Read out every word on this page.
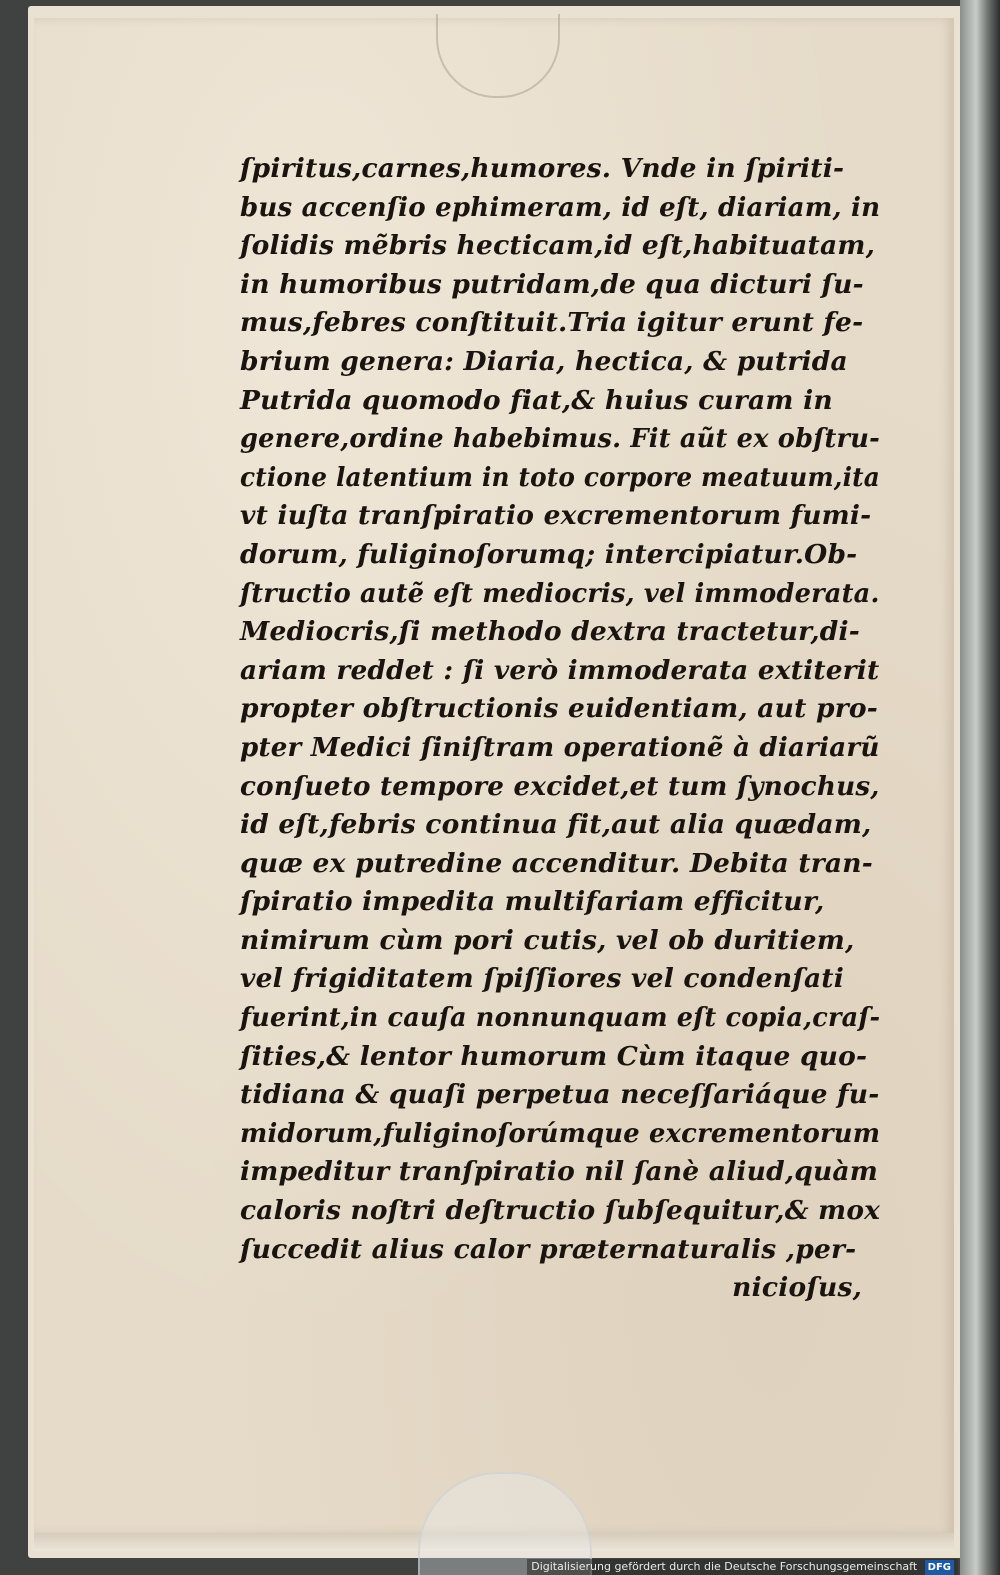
ſpiritus,carnes,humores. Vnde in ſpiriti-
bus accenſio ephimeram, id eſt, diariam, in
ſolidis mẽbris hecticam,id eſt,habituatam,
in humoribus putridam,de qua dicturi ſu-
mus,febres conſtituit.Tria igitur erunt fe-
brium genera: Diaria, hectica, & putrida
Putrida quomodo fiat,& huius curam in
genere,ordine habebimus. Fit aũt ex obſtru-
ctione latentium in toto corpore meatuum,ita
vt iuſta tranſpiratio excrementorum fumi-
dorum, fuliginoſorumq; intercipiatur.Ob-
ſtructio autẽ eſt mediocris, vel immoderata.
Mediocris,ſi methodo dextra tractetur,di-
ariam reddet : ſi verò immoderata extiterit
propter obſtructionis euidentiam, aut pro-
pter Medici ſiniſtram operationẽ à diariarũ
conſueto tempore excidet,et tum ſynochus,
id eſt,febris continua fit,aut alia quædam,
quæ ex putredine accenditur. Debita tran-
ſpiratio impedita multifariam efficitur,
nimirum cùm pori cutis, vel ob duritiem,
vel frigiditatem ſpiſſiores vel condenſati
fuerint,in cauſa nonnunquam eſt copia,craſ-
ſities,& lentor humorum Cùm itaque quo-
tidiana & quaſi perpetua neceſſariáque fu-
midorum,fuliginoſorúmque excrementorum
impeditur tranſpiratio nil ſanè aliud,quàm
caloris noſtri deſtructio ſubſequitur,& mox
ſuccedit alius calor præternaturalis ,per-
nicioſus,
Digitalisierung gefördert durch die Deutsche Forschungsgemeinschaft DFG
